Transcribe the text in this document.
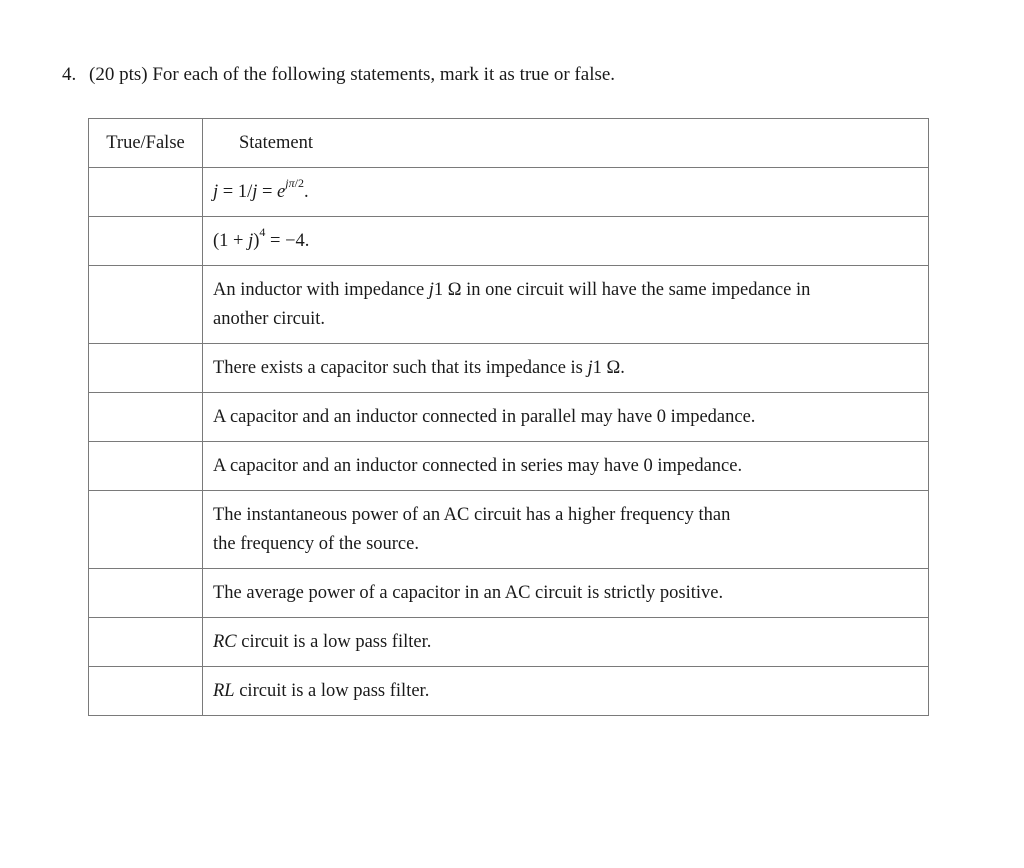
4. (20 pts) For each of the following statements, mark it as true or false.
True/False	Statement
	$j = 1/j = e^{j\pi/2}$.
	$(1 + j)^4 = -4$.
	An inductor with impedance j1 Ω in one circuit will have the same impedance in
another circuit.
	There exists a capacitor such that its impedance is j1 Ω.
	A capacitor and an inductor connected in parallel may have 0 impedance.
	A capacitor and an inductor connected in series may have 0 impedance.
	The instantaneous power of an AC circuit has a higher frequency than
the frequency of the source.
	The average power of a capacitor in an AC circuit is strictly positive.
	RC circuit is a low pass filter.
	RL circuit is a low pass filter.
